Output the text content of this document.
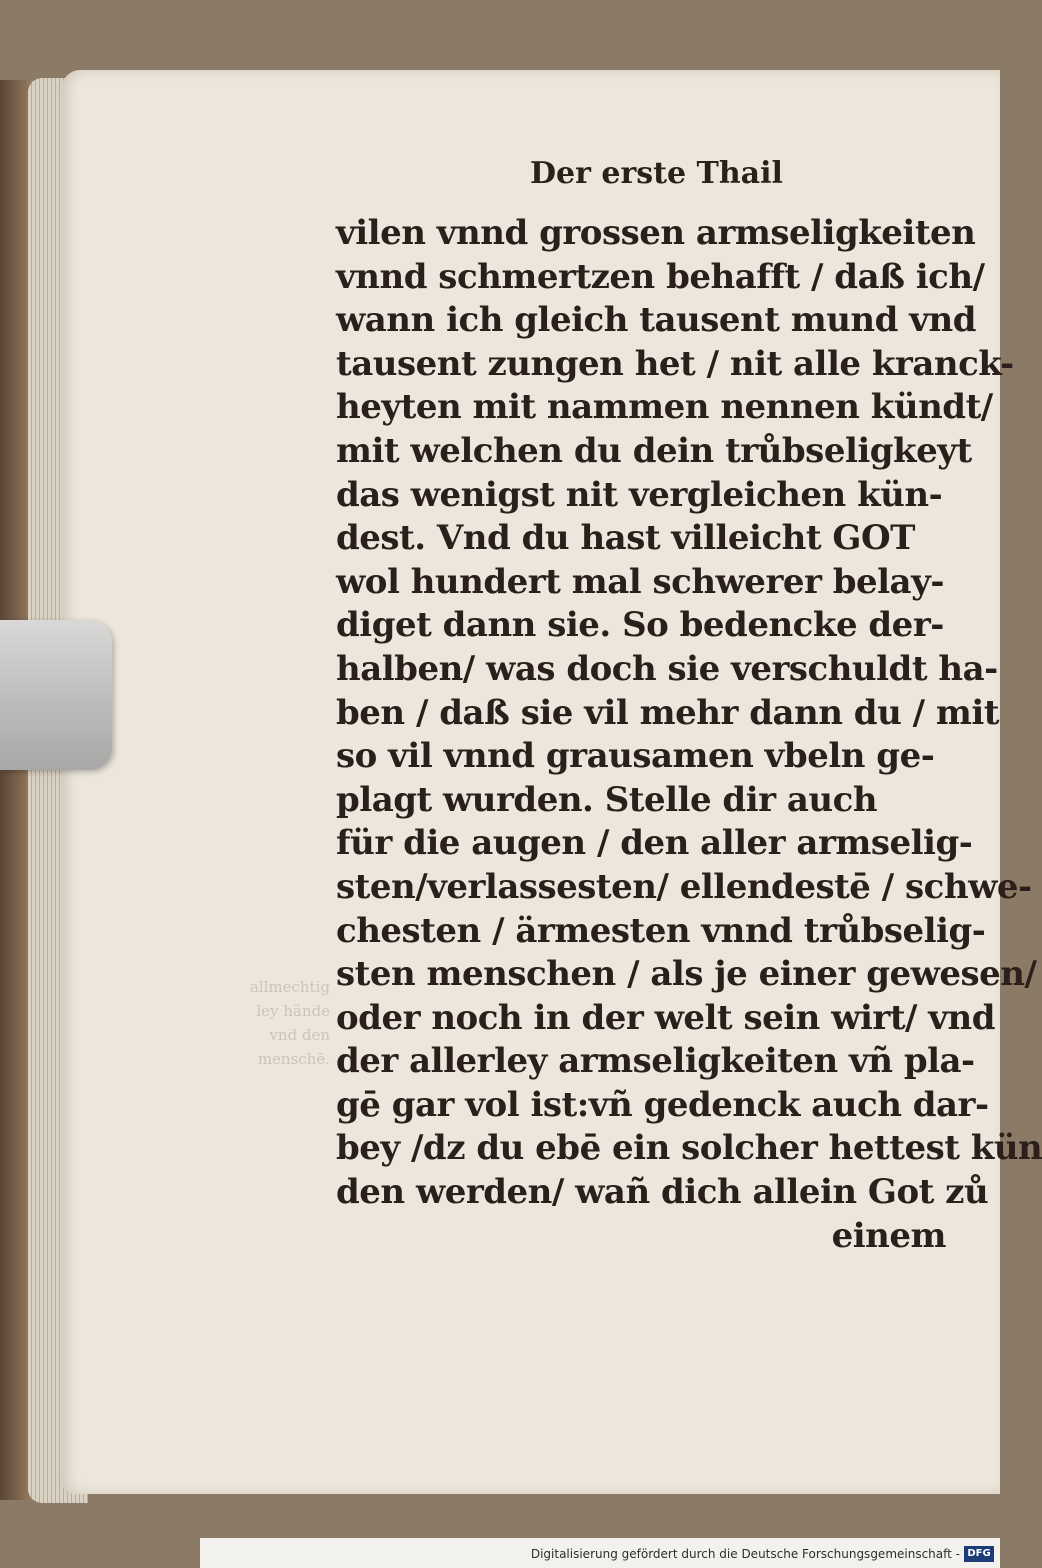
allmechtig
ley hände
vnd den
menschē.
Der erste Thail
vilen vnnd grossen armseligkeiten
vnnd schmertzen behafft / daß ich/
wann ich gleich tausent mund vnd
tausent zungen het / nit alle kranck-
heyten mit nammen nennen kündt/
mit welchen du dein trůbseligkeyt
das wenigst nit vergleichen kün-
dest. Vnd du hast villeicht GOT
wol hundert mal schwerer belay-
diget dann sie. So bedencke der-
halben/ was doch sie verschuldt ha-
ben / daß sie vil mehr dann du / mit
so vil vnnd grausamen vbeln ge-
plagt wurden. Stelle dir auch
für die augen / den aller armselig-
sten/verlassesten/ ellendestē / schwe-
chesten / ärmesten vnnd trůbselig-
sten menschen / als je einer gewesen/
oder noch in der welt sein wirt/ vnd
der allerley armseligkeiten vñ pla-
gē gar vol ist:vñ gedenck auch dar-
bey /dz du ebē ein solcher hettest kün
den werden/ wañ dich allein Got zů
einem
Digitalisierung gefördert durch die Deutsche Forschungsgemeinschaft - DFG
